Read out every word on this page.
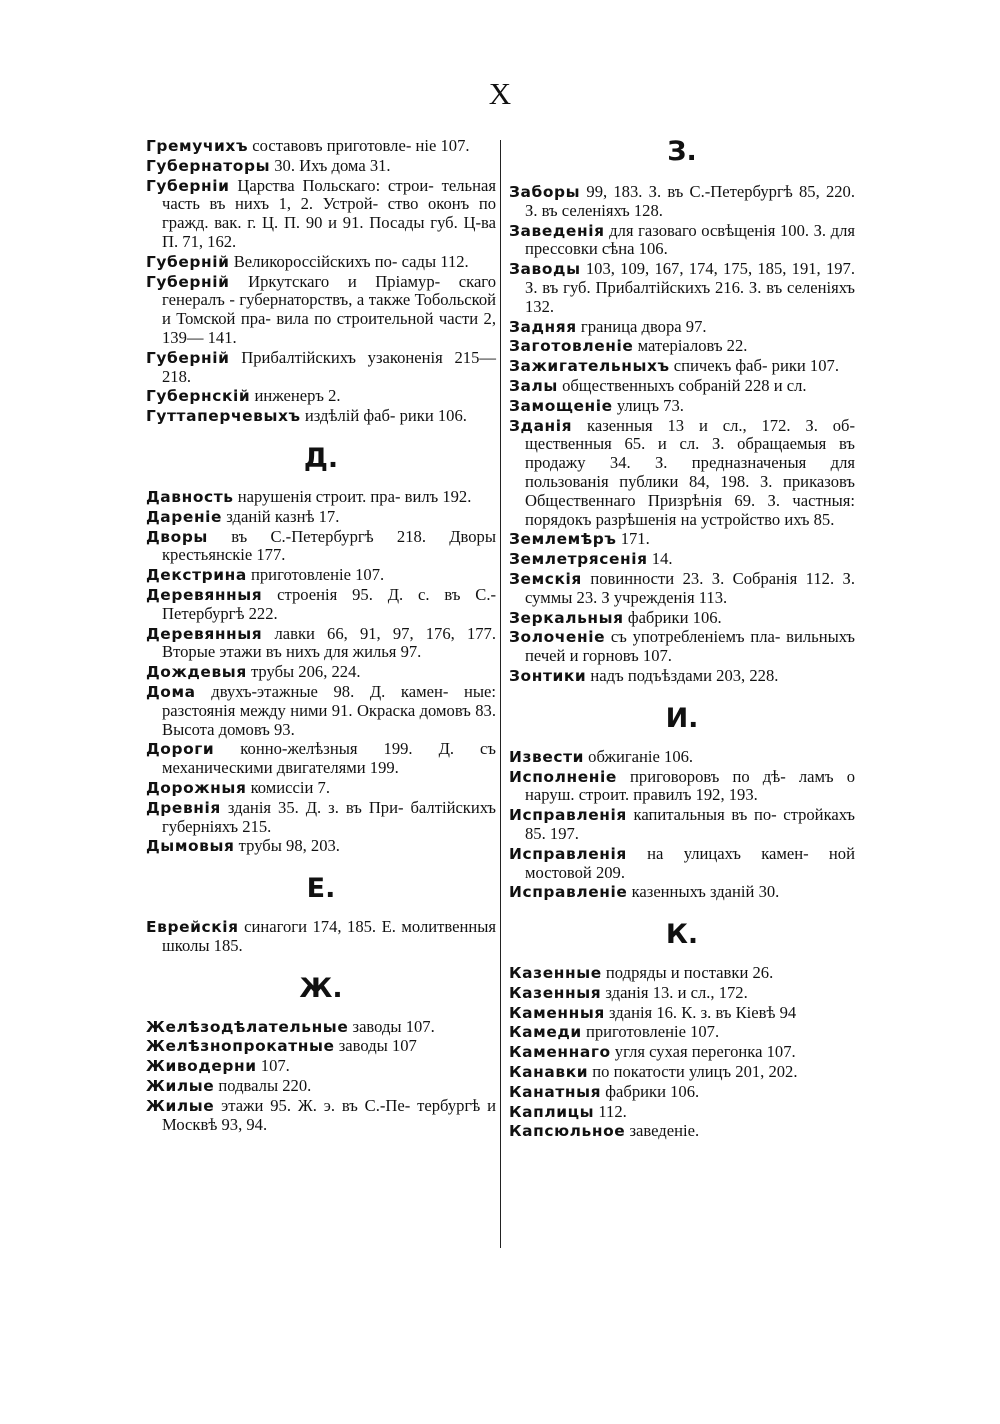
X
Гремучихъ составовъ приготовле- ніе 107.
Губернаторы 30. Ихъ дома 31.
Губерніи Царства Польскаго: строи- тельная часть въ нихъ 1, 2. Устрой- ство оконъ по гражд. вак. г. Ц. П. 90 и 91. Посады губ. Ц-ва П. 71, 162.
Губерній Великороссійскихъ по- сады 112.
Губерній Иркутскаго и Пріамур- скаго генералъ - губернаторствъ, а также Тобольской и Томской пра- вила по строительной части 2, 139— 141.
Губерній Прибалтійскихъ узаконенія 215—218.
Губернскій инженеръ 2.
Гуттаперчевыхъ издѣлій фаб- рики 106.
Д.
Давность нарушенія строит. пра- вилъ 192.
Дареніе зданій казнѣ 17.
Дворы въ С.-Петербургѣ 218. Дворы крестьянскіе 177.
Декстрина приготовленіе 107.
Деревянныя строенія 95. Д. с. въ С.-Петербургѣ 222.
Деревянныя лавки 66, 91, 97, 176, 177. Вторые этажи въ нихъ для жилья 97.
Дождевыя трубы 206, 224.
Дома двухъ-этажные 98. Д. камен- ные: разстоянія между ними 91. Окраска домовъ 83. Высота домовъ 93.
Дороги конно-желѣзныя 199. Д. съ механическими двигателями 199.
Дорожныя комиссіи 7.
Древнія зданія 35. Д. з. въ При- балтійскихъ губерніяхъ 215.
Дымовыя трубы 98, 203.
Е.
Еврейскія синагоги 174, 185. Е. молитвенныя школы 185.
Ж.
Желѣзодѣлательные заводы 107.
Желѣзнопрокатные заводы 107
Живодерни 107.
Жилые подвалы 220.
Жилые этажи 95. Ж. э. въ С.-Пе- тербургѣ и Москвѣ 93, 94.
З.
Заборы 99, 183. З. въ С.-Петербургѣ 85, 220. З. въ селеніяхъ 128.
Заведенія для газоваго освѣщенія 100. З. для прессовки сѣна 106.
Заводы 103, 109, 167, 174, 175, 185, 191, 197. З. въ губ. Прибалтійскихъ 216. З. въ селеніяхъ 132.
Задняя граница двора 97.
Заготовленіе матеріаловъ 22.
Зажигательныхъ спичекъ фаб- рики 107.
Залы общественныхъ собраній 228 и сл.
Замощеніе улицъ 73.
Зданія казенныя 13 и сл., 172. З. об- щественныя 65. и сл. З. обращаемыя въ продажу 34. З. предназначеныя для пользованія публики 84, 198. З. приказовъ Общественнаго Призрѣнія 69. З. частныя: порядокъ разрѣшенія на устройство ихъ 85.
Землемѣръ 171.
Землетрясенія 14.
Земскія повинности 23. З. Собранія 112. З. суммы 23. З учрежденія 113.
Зеркальныя фабрики 106.
Золоченіе съ употребленіемъ пла- вильныхъ печей и горновъ 107.
Зонтики надъ подъѣздами 203, 228.
И.
Извести обжиганіе 106.
Исполненіе приговоровъ по дѣ- ламъ о наруш. строит. правилъ 192, 193.
Исправленія капитальныя въ по- стройкахъ 85. 197.
Исправленія на улицахъ камен- ной мостовой 209.
Исправленіе казенныхъ зданій 30.
К.
Казенные подряды и поставки 26.
Казенныя зданія 13. и сл., 172.
Каменныя зданія 16. К. з. въ Кіевѣ 94
Камеди приготовленіе 107.
Каменнаго угля сухая перегонка 107.
Канавки по покатости улицъ 201, 202.
Канатныя фабрики 106.
Каплицы 112.
Капсюльное заведеніе.
